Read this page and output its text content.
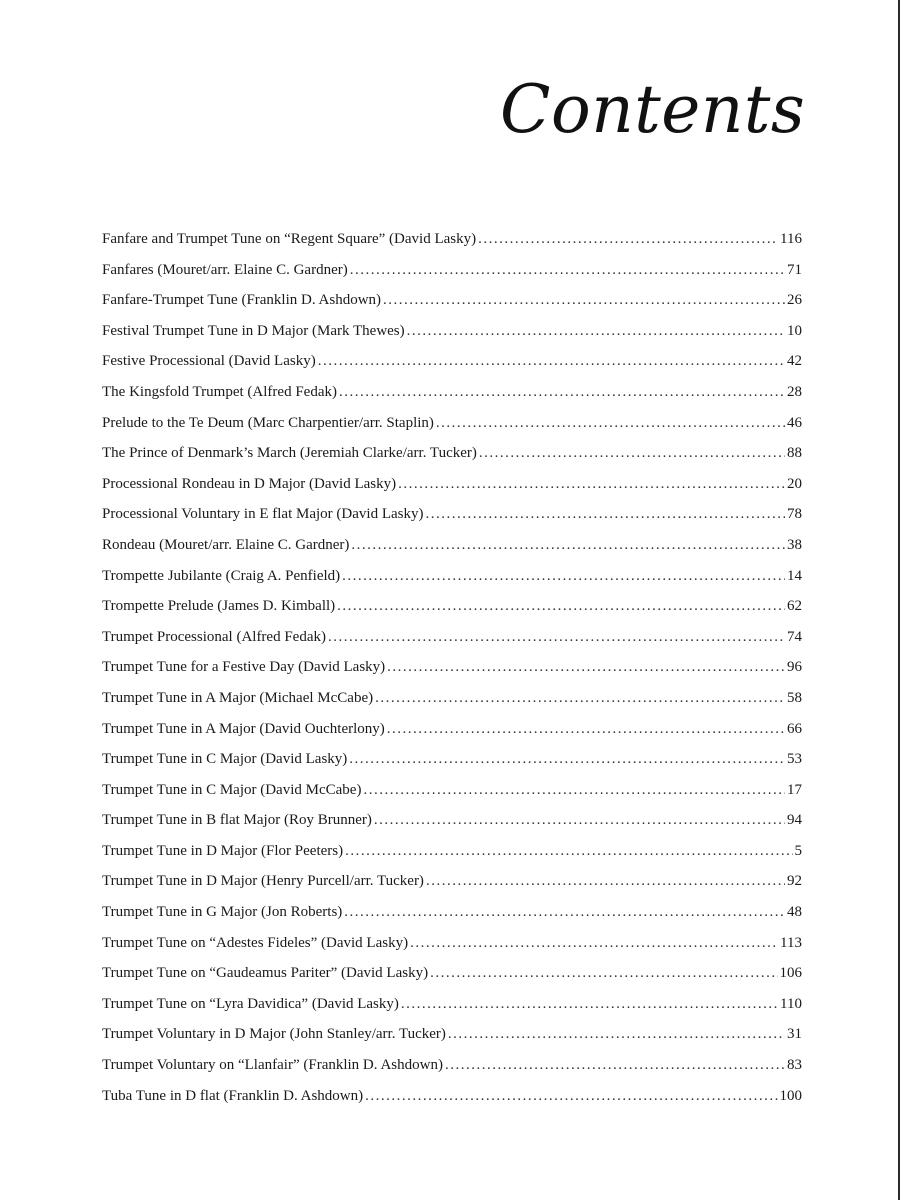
Contents
Fanfare and Trumpet Tune on “Regent Square” (David Lasky) .....	116
Fanfares (Mouret/arr. Elaine C. Gardner) .....	71
Fanfare-Trumpet Tune (Franklin D. Ashdown) .....	26
Festival Trumpet Tune in D Major (Mark Thewes) .....	10
Festive Processional (David Lasky) .....	42
The Kingsfold Trumpet (Alfred Fedak) .....	28
Prelude to the Te Deum (Marc Charpentier/arr. Staplin) .....	46
The Prince of Denmark’s March (Jeremiah Clarke/arr. Tucker) .....	88
Processional Rondeau in D Major (David Lasky) .....	20
Processional Voluntary in E flat Major (David Lasky) .....	78
Rondeau (Mouret/arr. Elaine C. Gardner) .....	38
Trompette Jubilante (Craig A. Penfield) .....	14
Trompette Prelude (James D. Kimball) .....	62
Trumpet Processional (Alfred Fedak) .....	74
Trumpet Tune for a Festive Day (David Lasky) .....	96
Trumpet Tune in A Major (Michael McCabe) .....	58
Trumpet Tune in A Major (David Ouchterlony) .....	66
Trumpet Tune in C Major (David Lasky) .....	53
Trumpet Tune in C Major (David McCabe) .....	17
Trumpet Tune in B flat Major (Roy Brunner) .....	94
Trumpet Tune in D Major (Flor Peeters) .....	5
Trumpet Tune in D Major (Henry Purcell/arr. Tucker) .....	92
Trumpet Tune in G Major (Jon Roberts) .....	48
Trumpet Tune on “Adestes Fideles” (David Lasky) .....	113
Trumpet Tune on “Gaudeamus Pariter” (David Lasky) .....	106
Trumpet Tune on “Lyra Davidica” (David Lasky) .....	110
Trumpet Voluntary in D Major (John Stanley/arr. Tucker) .....	31
Trumpet Voluntary on “Llanfair” (Franklin D. Ashdown) .....	83
Tuba Tune in D flat (Franklin D. Ashdown) .....	100
